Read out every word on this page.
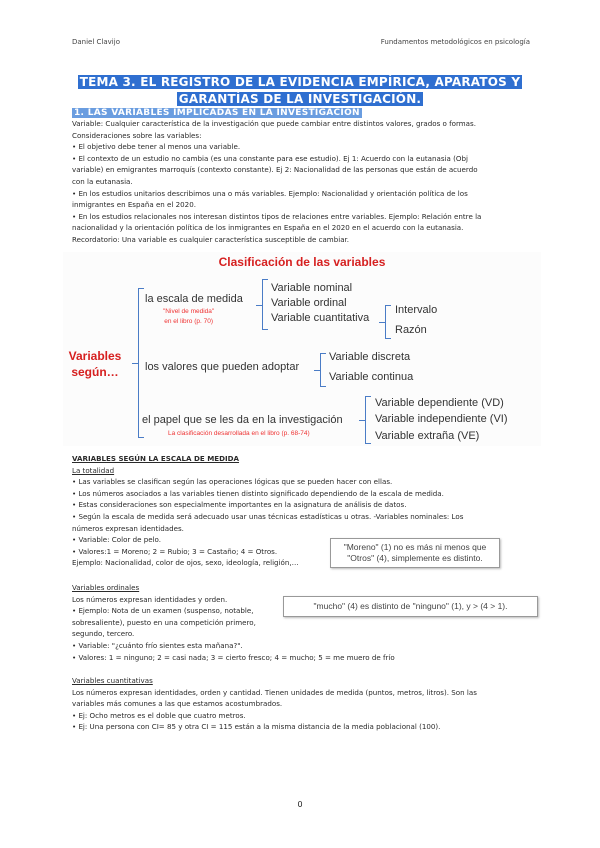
Daniel Clavijo	Fundamentos metodológicos en psicología
TEMA 3. EL REGISTRO DE LA EVIDENCIA EMPÍRICA, APARATOS Y
GARANTÍAS DE LA INVESTIGACIÓN.
1. LAS VARIABLES IMPLICADAS EN LA INVESTIGACIÓN
Variable: Cualquier característica de la investigación que puede cambiar entre distintos valores, grados o formas.
Consideraciones sobre las variables:
• El objetivo debe tener al menos una variable.
• El contexto de un estudio no cambia (es una constante para ese estudio). Ej 1: Acuerdo con la eutanasia (Obj
variable) en emigrantes marroquís (contexto constante). Ej 2: Nacionalidad de las personas que están de acuerdo
con la eutanasia.
• En los estudios unitarios describimos una o más variables. Ejemplo: Nacionalidad y orientación política de los
inmigrantes en España en el 2020.
• En los estudios relacionales nos interesan distintos tipos de relaciones entre variables. Ejemplo: Relación entre la
nacionalidad y la orientación política de los inmigrantes en España en el 2020 en el acuerdo con la eutanasia.
Recordatorio: Una variable es cualquier característica susceptible de cambiar.
Clasificación de las variables
Variables según…
la escala de medida
"Nivel de medida"
en el libro (p. 70)
Variable nominal
Variable ordinal
Variable cuantitativa
Intervalo
Razón
los valores que pueden adoptar
Variable discreta
Variable continua
el papel que se les da en la investigación
La clasificación desarrollada en el libro (p. 68-74)
Variable dependiente (VD)
Variable independiente (VI)
Variable extraña (VE)
VARIABLES SEGÚN LA ESCALA DE MEDIDA
La totalidad
• Las variables se clasifican según las operaciones lógicas que se pueden hacer con ellas.
• Los números asociados a las variables tienen distinto significado dependiendo de la escala de medida.
• Estas consideraciones son especialmente importantes en la asignatura de análisis de datos.
• Según la escala de medida será adecuado usar unas técnicas estadísticas u otras. -Variables nominales: Los
números expresan identidades.
• Variable: Color de pelo.
• Valores:1 = Moreno; 2 = Rubio; 3 = Castaño; 4 = Otros.
Ejemplo: Nacionalidad, color de ojos, sexo, ideología, religión,…
"Moreno" (1) no es más ni menos que
"Otros" (4), simplemente es distinto.
Variables ordinales
Los números expresan identidades y orden.
• Ejemplo: Nota de un examen (suspenso, notable,
sobresaliente), puesto en una competición primero,
segundo, tercero.
• Variable: "¿cuánto frío sientes esta mañana?".
• Valores: 1 = ninguno; 2 = casi nada; 3 = cierto fresco; 4 = mucho; 5 = me muero de frío
"mucho" (4) es distinto de "ninguno" (1), y > (4 > 1).
Variables cuantitativas
Los números expresan identidades, orden y cantidad. Tienen unidades de medida (puntos, metros, litros). Son las
variables más comunes a las que estamos acostumbrados.
• Ej: Ocho metros es el doble que cuatro metros.
• Ej: Una persona con CI= 85 y otra CI = 115 están a la misma distancia de la media poblacional (100).
0
